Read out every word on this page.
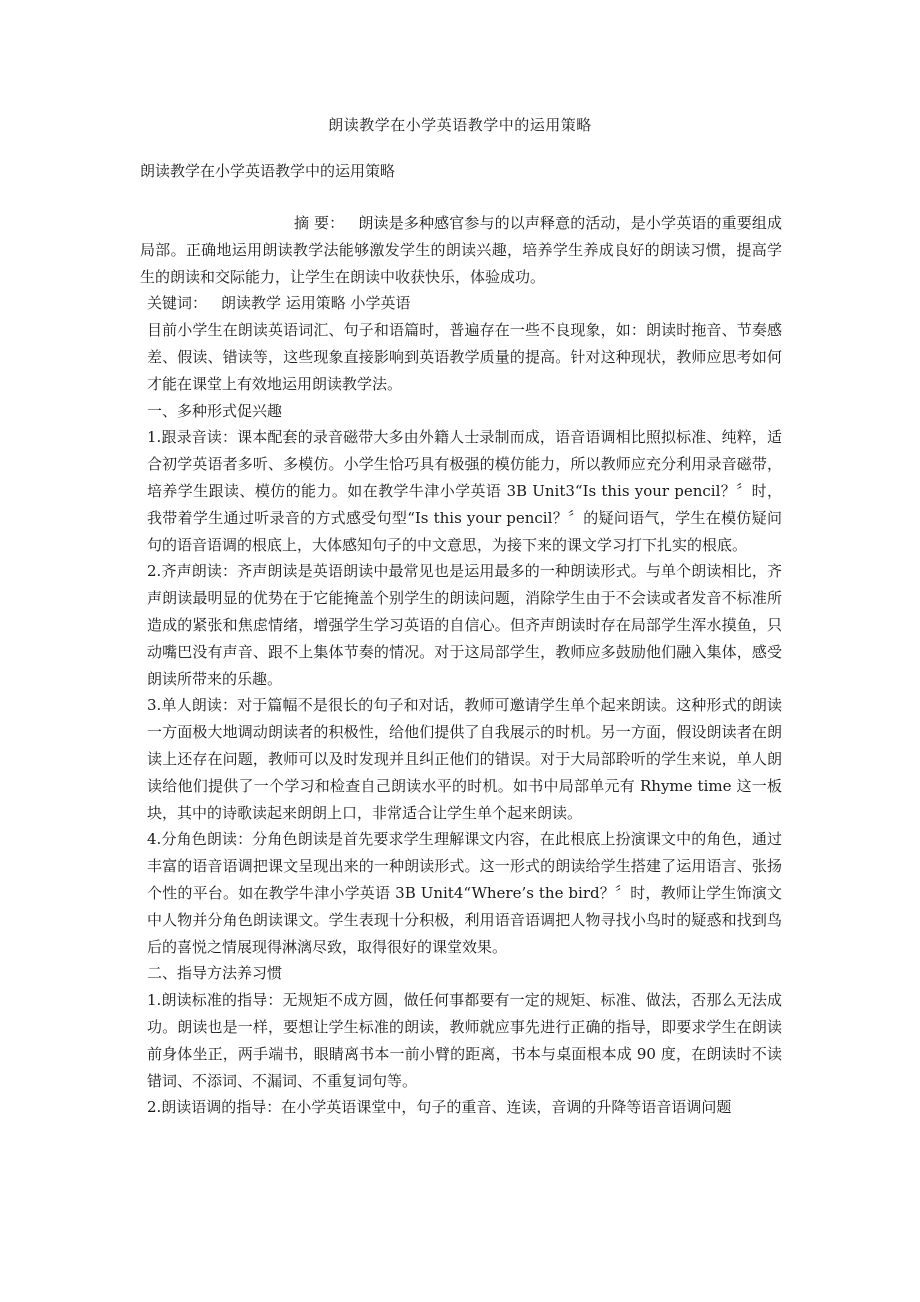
朗读教学在小学英语教学中的运用策略
朗读教学在小学英语教学中的运用策略

摘 要： 朗读是多种感官参与的以声释意的活动，是小学英语的重要组成局部。正确地运用朗读教学法能够激发学生的朗读兴趣，培养学生养成良好的朗读习惯，提高学生的朗读和交际能力，让学生在朗读中收获快乐，体验成功。

关键词： 朗读教学 运用策略 小学英语

目前小学生在朗读英语词汇、句子和语篇时，普遍存在一些不良现象，如：朗读时拖音、节奏感差、假读、错读等，这些现象直接影响到英语教学质量的提高。针对这种现状，教师应思考如何才能在课堂上有效地运用朗读教学法。

一、多种形式促兴趣

1.跟录音读：课本配套的录音磁带大多由外籍人士录制而成，语音语调相比照拟标准、纯粹，适合初学英语者多听、多模仿。小学生恰巧具有极强的模仿能力，所以教师应充分利用录音磁带，培养学生跟读、模仿的能力。如在教学牛津小学英语 3B Unit3“Is this your pencil？〞时，我带着学生通过听录音的方式感受句型“Is this your pencil？〞的疑问语气，学生在模仿疑问句的语音语调的根底上，大体感知句子的中文意思，为接下来的课文学习打下扎实的根底。

2.齐声朗读：齐声朗读是英语朗读中最常见也是运用最多的一种朗读形式。与单个朗读相比，齐声朗读最明显的优势在于它能掩盖个别学生的朗读问题，消除学生由于不会读或者发音不标准所造成的紧张和焦虑情绪，增强学生学习英语的自信心。但齐声朗读时存在局部学生浑水摸鱼，只动嘴巴没有声音、跟不上集体节奏的情况。对于这局部学生，教师应多鼓励他们融入集体，感受朗读所带来的乐趣。

3.单人朗读：对于篇幅不是很长的句子和对话，教师可邀请学生单个起来朗读。这种形式的朗读一方面极大地调动朗读者的积极性，给他们提供了自我展示的时机。另一方面，假设朗读者在朗读上还存在问题，教师可以及时发现并且纠正他们的错误。对于大局部聆听的学生来说，单人朗读给他们提供了一个学习和检查自己朗读水平的时机。如书中局部单元有 Rhyme time 这一板块，其中的诗歌读起来朗朗上口，非常适合让学生单个起来朗读。

4.分角色朗读：分角色朗读是首先要求学生理解课文内容，在此根底上扮演课文中的角色，通过丰富的语音语调把课文呈现出来的一种朗读形式。这一形式的朗读给学生搭建了运用语言、张扬个性的平台。如在教学牛津小学英语 3B Unit4“Where’s the bird？〞时，教师让学生饰演文中人物并分角色朗读课文。学生表现十分积极，利用语音语调把人物寻找小鸟时的疑惑和找到鸟后的喜悦之情展现得淋漓尽致，取得很好的课堂效果。

二、指导方法养习惯

1.朗读标准的指导：无规矩不成方圆，做任何事都要有一定的规矩、标准、做法，否那么无法成功。朗读也是一样，要想让学生标准的朗读，教师就应事先进行正确的指导，即要求学生在朗读前身体坐正，两手端书，眼睛离书本一前小臂的距离，书本与桌面根本成 90 度，在朗读时不读错词、不添词、不漏词、不重复词句等。

2.朗读语调的指导：在小学英语课堂中，句子的重音、连读，音调的升降等语音语调问题
